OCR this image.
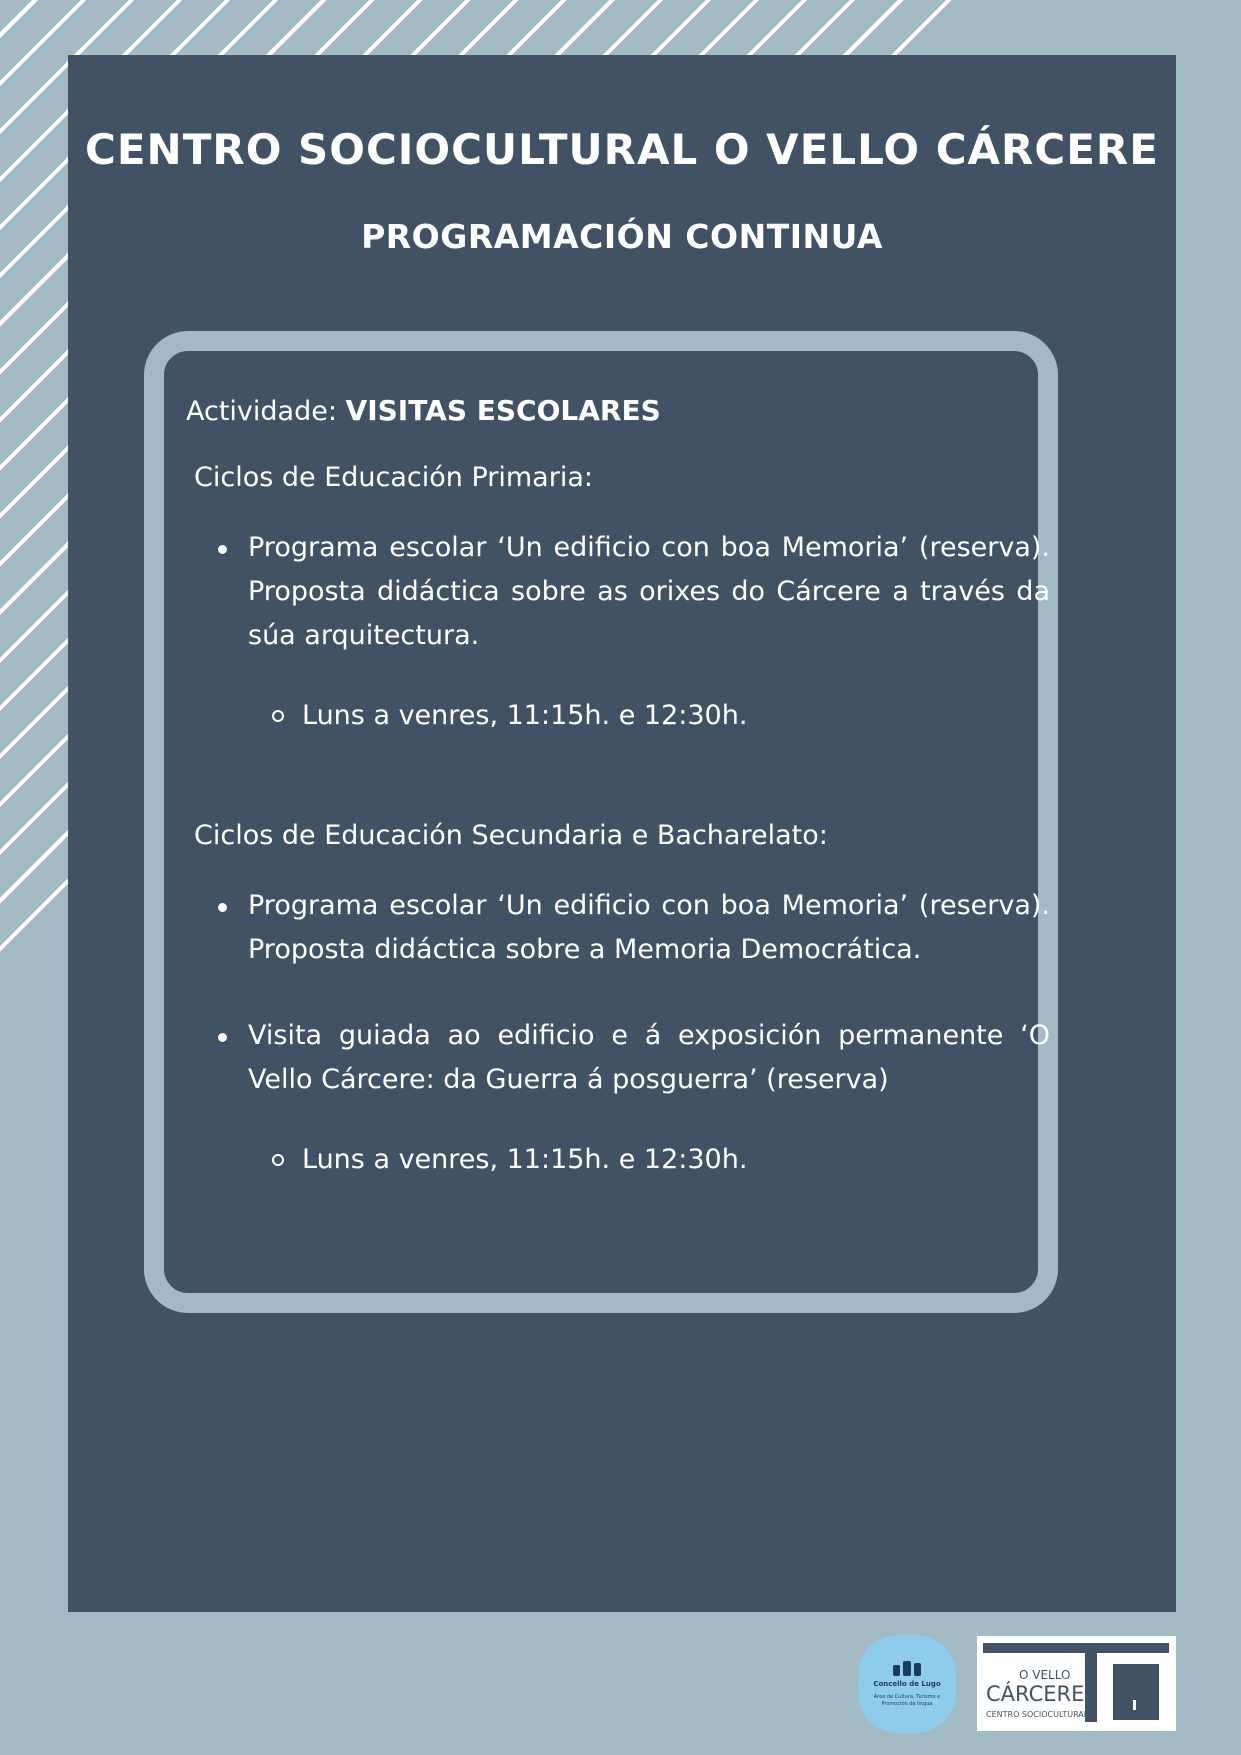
CENTRO SOCIOCULTURAL O VELLO CÁRCERE
PROGRAMACIÓN CONTINUA
Actividade: VISITAS ESCOLARES
Ciclos de Educación Primaria:
Programa escolar ‘Un edificio con boa Memoria’ (reserva). Proposta didáctica sobre as orixes do Cárcere a través da súa arquitectura.
Luns a venres, 11:15h. e 12:30h.
Ciclos de Educación Secundaria e Bacharelato:
Programa escolar ‘Un edificio con boa Memoria’ (reserva). Proposta didáctica sobre a Memoria Democrática.
Visita guiada ao edificio e á exposición permanente ‘O Vello Cárcere: da Guerra á posguerra’ (reserva)
Luns a venres, 11:15h. e 12:30h.
Concello de Lugo
Área de Cultura, Turismo e Promoción da lingua
O VELLO
CÁRCERE
CENTRO SOCIOCULTURAL
